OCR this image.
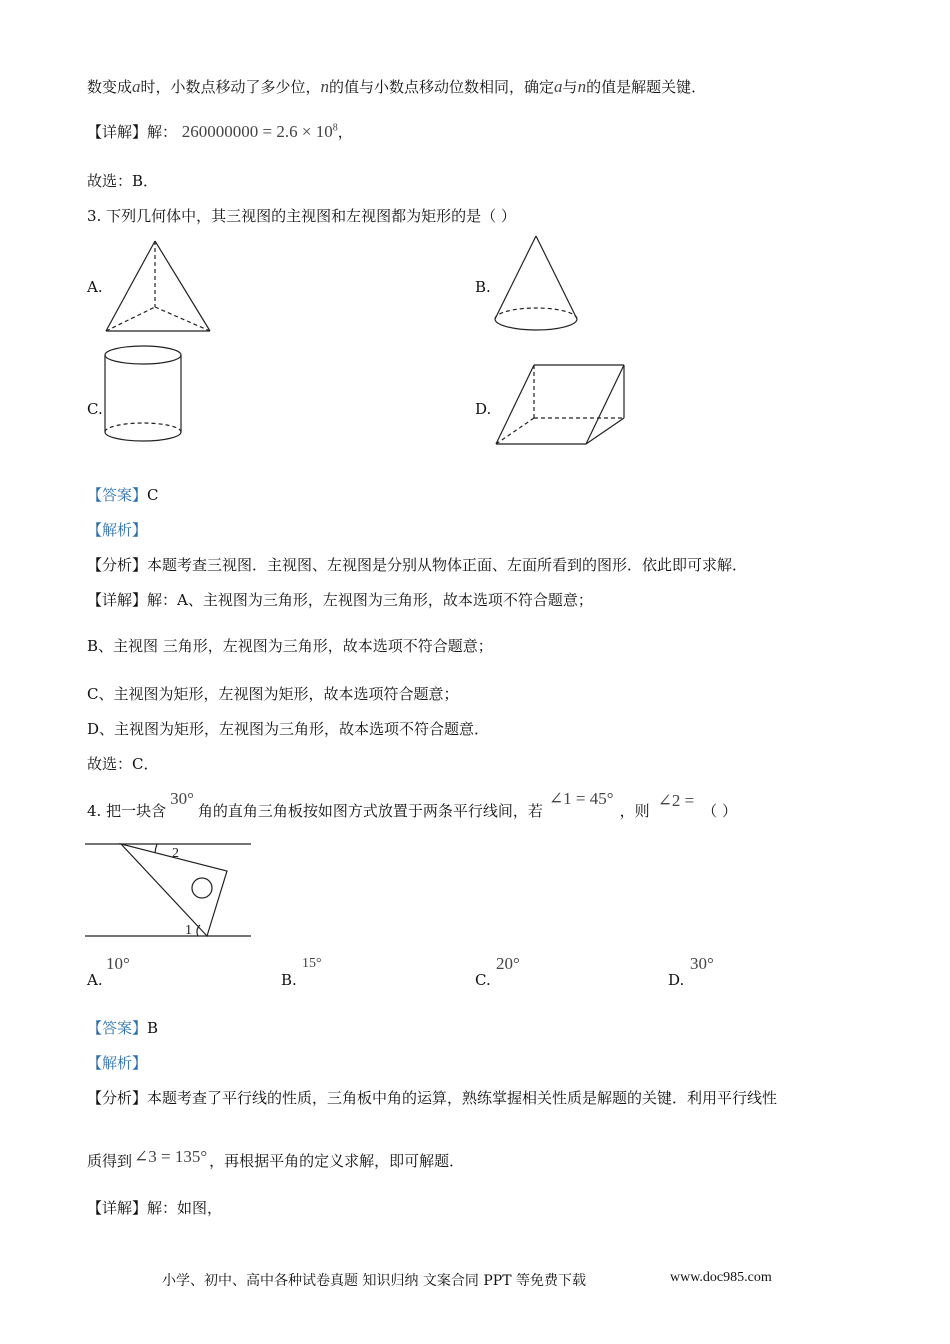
数变成a时，小数点移动了多少位，n的值与小数点移动位数相同，确定a与n的值是解题关键．
【详解】解： $260000000 = 2.6 \times 10^8$，
故选：B．
3. 下列几何体中，其三视图的主视图和左视图都为矩形的是（ ）
A.	B.
C.	D.
【答案】C
【解析】
【分析】本题考查三视图．主视图、左视图是分别从物体正面、左面所看到的图形．依此即可求解．
【详解】解：A、主视图为三角形，左视图为三角形，故本选项不符合题意；
B、主视图 三角形，左视图为三角形，故本选项不符合题意；
C、主视图为矩形，左视图为矩形，故本选项符合题意；
D、主视图为矩形，左视图为三角形，故本选项不符合题意．
故选：C．
4. 把一块含30°角的直角三角板按如图方式放置于两条平行线间，若∠1 = 45°，则∠2 =（ ）
2
1
A.
10°
B.
15°
C.
20°
D.
30°
【答案】B
【解析】
【分析】本题考查了平行线的性质，三角板中角的运算，熟练掌握相关性质是解题的关键．利用平行线性
质得到 ∠3 = 135° ，再根据平角的定义求解，即可解题．
【详解】解：如图，
小学、初中、高中各种试卷真题 知识归纳 文案合同 PPT 等免费下载	www.doc985.com
